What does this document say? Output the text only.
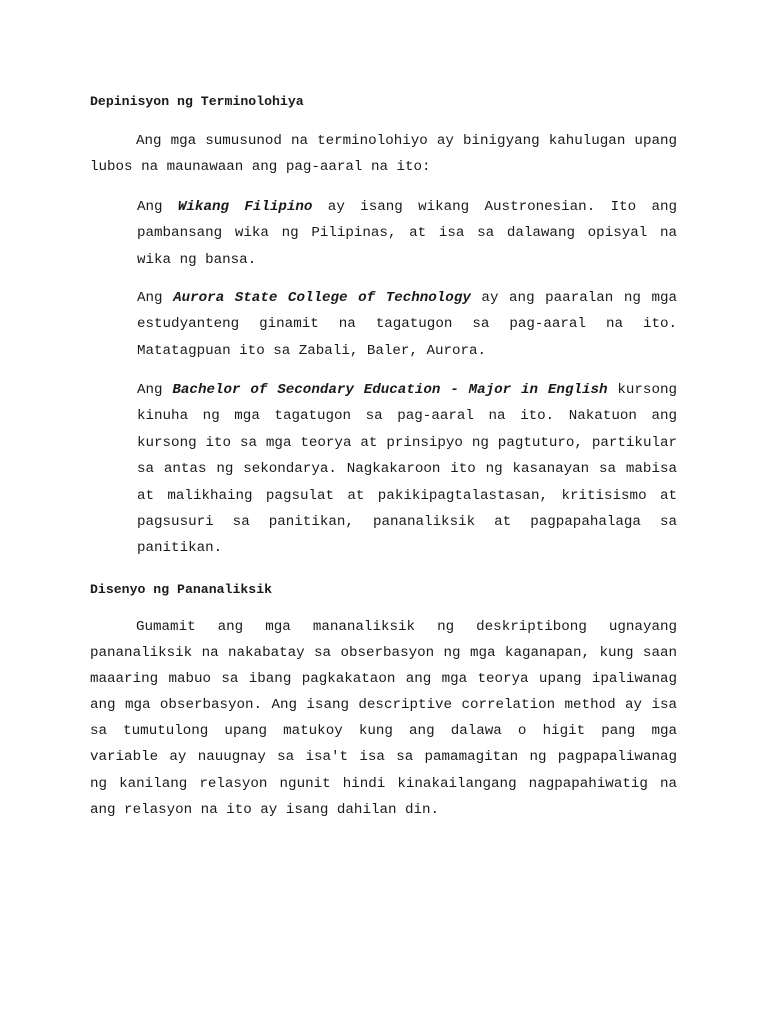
Depinisyon ng Terminolohiya

Ang mga sumusunod na terminolohiyo ay binigyang kahulugan upang lubos na maunawaan ang pag-aaral na ito:

Ang Wikang Filipino ay isang wikang Austronesian. Ito ang pambansang wika ng Pilipinas, at isa sa dalawang opisyal na wika ng bansa.

Ang Aurora State College of Technology ay ang paaralan ng mga estudyanteng ginamit na tagatugon sa pag-aaral na ito. Matatagpuan ito sa Zabali, Baler, Aurora.

Ang Bachelor of Secondary Education - Major in English kursong kinuha ng mga tagatugon sa pag-aaral na ito. Nakatuon ang kursong ito sa mga teorya at prinsipyo ng pagtuturo, partikular sa antas ng sekondarya. Nagkakaroon ito ng kasanayan sa mabisa at malikhaing pagsulat at pakikipagtalastasan, kritisismo at pagsusuri sa panitikan, pananaliksik at pagpapahalaga sa panitikan.

Disenyo ng Pananaliksik

Gumamit ang mga mananaliksik ng deskriptibong ugnayang pananaliksik na nakabatay sa obserbasyon ng mga kaganapan, kung saan maaaring mabuo sa ibang pagkakataon ang mga teorya upang ipaliwanag ang mga obserbasyon. Ang isang descriptive correlation method ay isa sa tumutulong upang matukoy kung ang dalawa o higit pang mga variable ay nauugnay sa isa't isa sa pamamagitan ng pagpapaliwanag ng kanilang relasyon ngunit hindi kinakailangang nagpapahiwatig na ang relasyon na ito ay isang dahilan din.
